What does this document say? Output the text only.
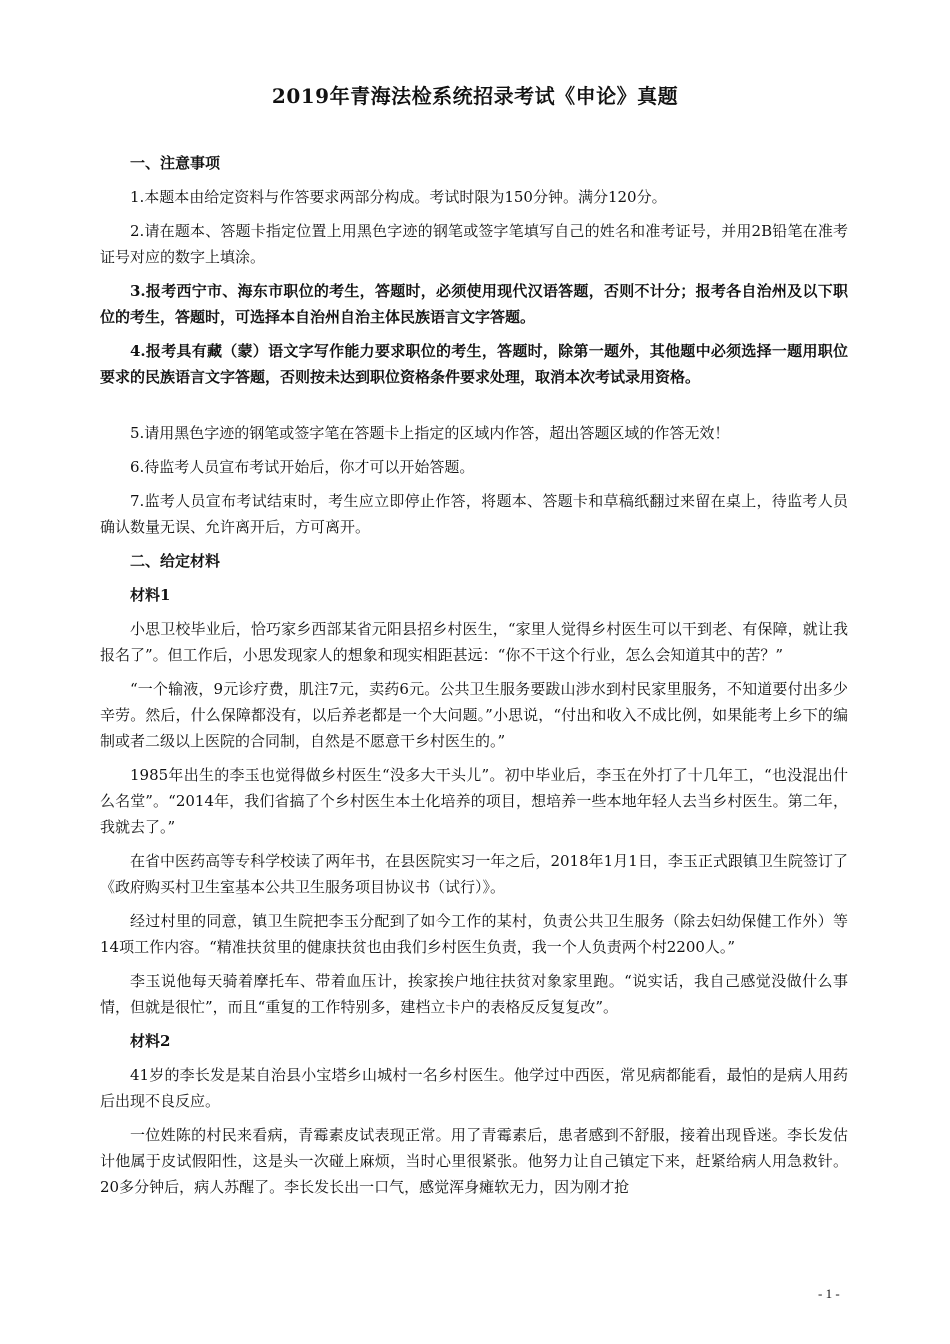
2019年青海法检系统招录考试《申论》真题

一、注意事项

1.本题本由给定资料与作答要求两部分构成。考试时限为150分钟。满分120分。

2.请在题本、答题卡指定位置上用黑色字迹的钢笔或签字笔填写自己的姓名和准考证号，并用2B铅笔在准考证号对应的数字上填涂。

3.报考西宁市、海东市职位的考生，答题时，必须使用现代汉语答题，否则不计分；报考各自治州及以下职位的考生，答题时，可选择本自治州自治主体民族语言文字答题。

4.报考具有藏（蒙）语文字写作能力要求职位的考生，答题时，除第一题外，其他题中必须选择一题用职位要求的民族语言文字答题，否则按未达到职位资格条件要求处理，取消本次考试录用资格。

5.请用黑色字迹的钢笔或签字笔在答题卡上指定的区域内作答，超出答题区域的作答无效！

6.待监考人员宣布考试开始后，你才可以开始答题。

7.监考人员宣布考试结束时，考生应立即停止作答，将题本、答题卡和草稿纸翻过来留在桌上，待监考人员确认数量无误、允许离开后，方可离开。

二、给定材料

材料1

小思卫校毕业后，恰巧家乡西部某省元阳县招乡村医生，“家里人觉得乡村医生可以干到老、有保障，就让我报名了”。但工作后，小思发现家人的想象和现实相距甚远：“你不干这个行业，怎么会知道其中的苦？”

“一个输液，9元诊疗费，肌注7元，卖药6元。公共卫生服务要跋山涉水到村民家里服务，不知道要付出多少辛劳。然后，什么保障都没有，以后养老都是一个大问题。”小思说，“付出和收入不成比例，如果能考上乡下的编制或者二级以上医院的合同制，自然是不愿意干乡村医生的。”

1985年出生的李玉也觉得做乡村医生“没多大干头儿”。初中毕业后，李玉在外打了十几年工，“也没混出什么名堂”。“2014年，我们省搞了个乡村医生本土化培养的项目，想培养一些本地年轻人去当乡村医生。第二年，我就去了。”

在省中医药高等专科学校读了两年书，在县医院实习一年之后，2018年1月1日，李玉正式跟镇卫生院签订了《政府购买村卫生室基本公共卫生服务项目协议书（试行）》。

经过村里的同意，镇卫生院把李玉分配到了如今工作的某村，负责公共卫生服务（除去妇幼保健工作外）等14项工作内容。“精准扶贫里的健康扶贫也由我们乡村医生负责，我一个人负责两个村2200人。”

李玉说他每天骑着摩托车、带着血压计，挨家挨户地往扶贫对象家里跑。“说实话，我自己感觉没做什么事情，但就是很忙”，而且“重复的工作特别多，建档立卡户的表格反反复复改”。

材料2

41岁的李长发是某自治县小宝塔乡山城村一名乡村医生。他学过中西医，常见病都能看，最怕的是病人用药后出现不良反应。

一位姓陈的村民来看病，青霉素皮试表现正常。用了青霉素后，患者感到不舒服，接着出现昏迷。李长发估计他属于皮试假阳性，这是头一次碰上麻烦，当时心里很紧张。他努力让自己镇定下来，赶紧给病人用急救针。20多分钟后，病人苏醒了。李长发长出一口气，感觉浑身瘫软无力，因为刚才抢

- 1 -
